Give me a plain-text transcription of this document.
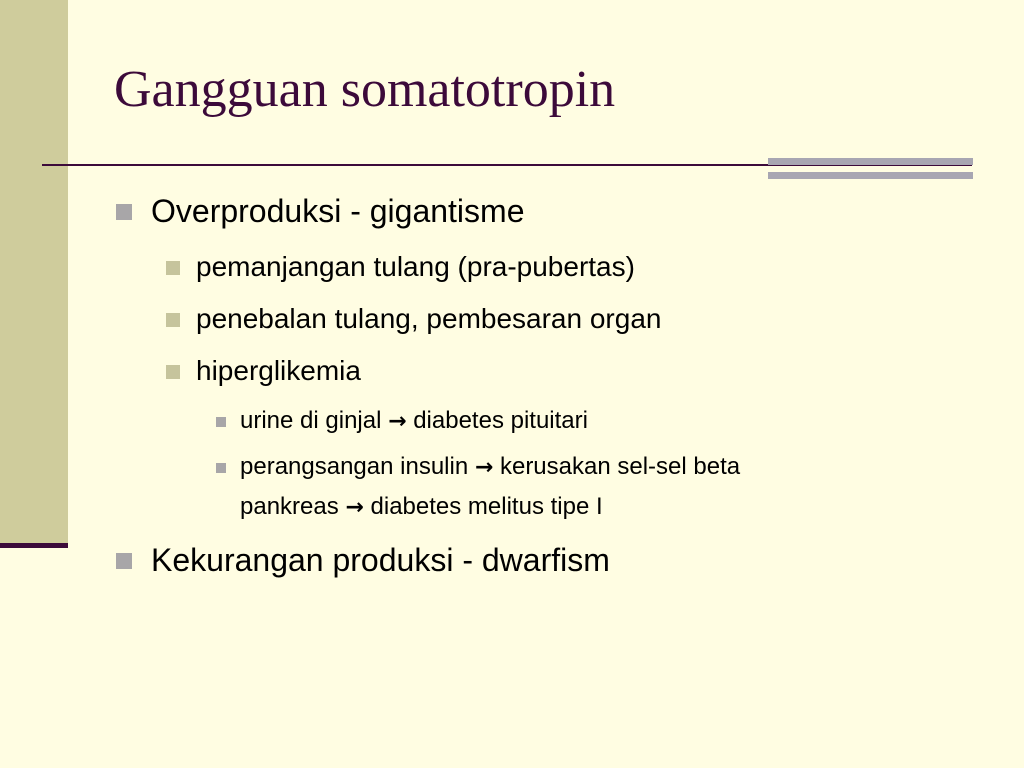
Gangguan somatotropin
Overproduksi - gigantisme
pemanjangan tulang (pra-pubertas)
penebalan tulang, pembesaran organ
hiperglikemia
urine di ginjal → diabetes pituitari
perangsangan insulin → kerusakan sel-sel beta
pankreas → diabetes melitus tipe I
Kekurangan produksi - dwarfism
